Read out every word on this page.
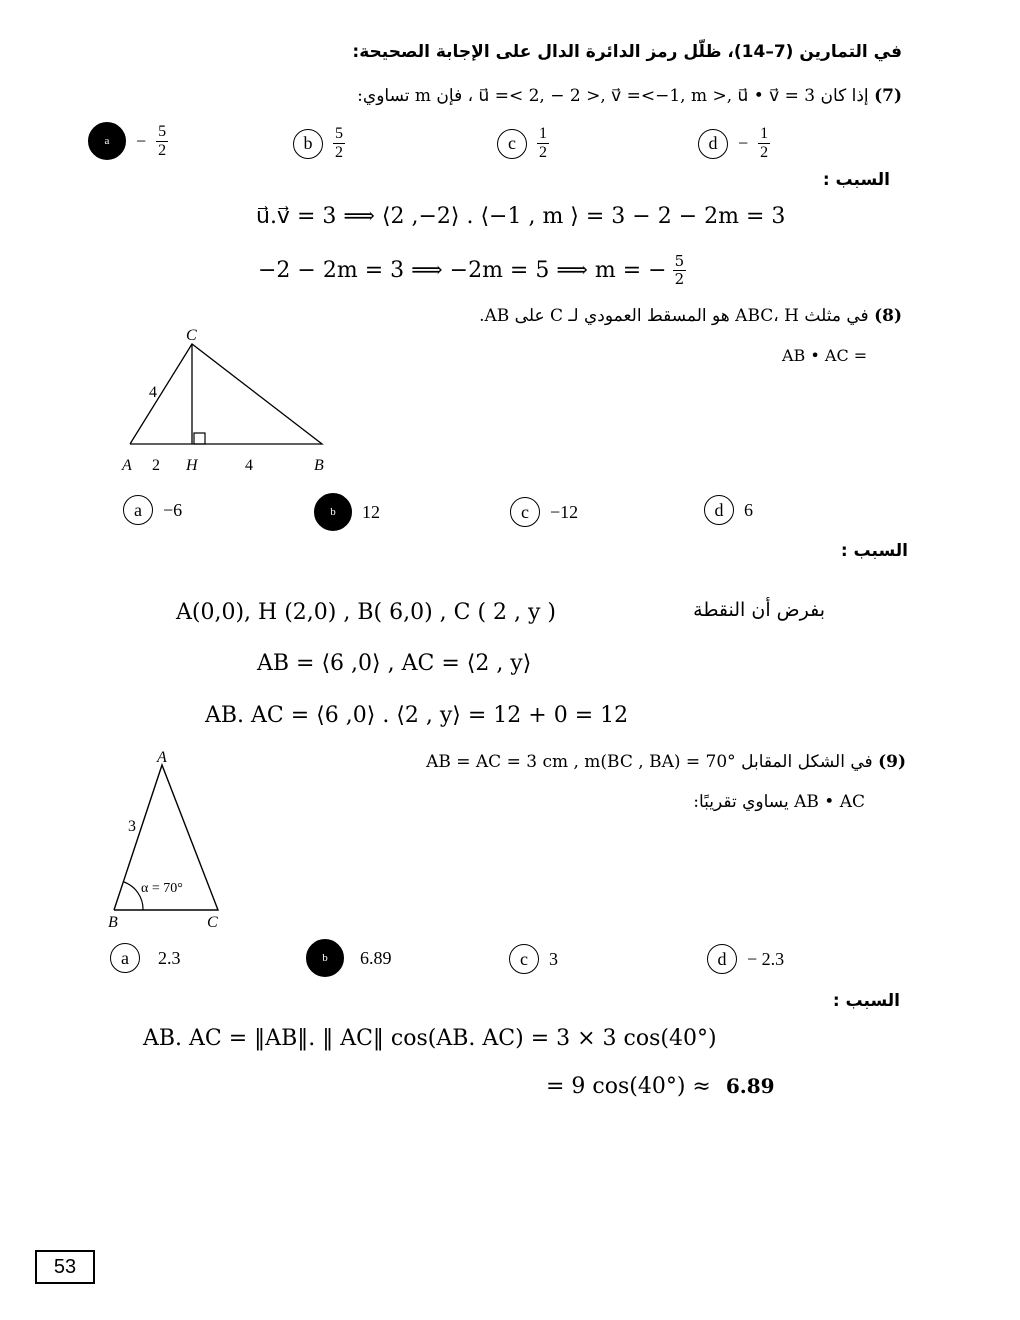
في التمارين (7–14)، ظلّل رمز الدائرة الدال على الإجابة الصحيحة:
(7) إذا كان u⃗ =< 2, − 2 >, v⃗ =<−1, m >, u⃗ • v⃗ = 3 ، فإن m تساوي:
a	− $\frac{5}{2}$	b	$\frac{5}{2}$	c	$\frac{1}{2}$	d	− $\frac{1}{2}$
السبب :
u⃗.v⃗ = 3 ⟹ ⟨2 ,−2⟩ . ⟨−1 , m ⟩ = 3 − 2 − 2m = 3
−2 − 2m = 3 ⟹ −2m = 5 ⟹ m = − $\frac{5}{2}$
(8) في مثلث ABC، H هو المسقط العمودي لـ C على AB.
AB • AC =
C
4
A 2 H	4	B
a	−6	b	12	c	−12	d	6
السبب :
بفرض أن النقطة
A(0,0), H (2,0) , B( 6,0) , C ( 2 , y )
AB = ⟨6 ,0⟩ , AC = ⟨2 , y⟩
AB. AC = ⟨6 ,0⟩ . ⟨2 , y⟩ = 12 + 0 = 12
(9) في الشكل المقابل AB = AC = 3 cm , m(BC , BA) = 70°
AB • AC يساوي تقريبًا:
A
3
α = 70°
B	C
a	2.3	b	6.89	c	3	d	− 2.3
السبب :
AB. AC = ‖AB‖. ‖ AC‖ cos(AB. AC) = 3 × 3 cos(40°)
= 9 cos(40°) ≈ 6.89
53
